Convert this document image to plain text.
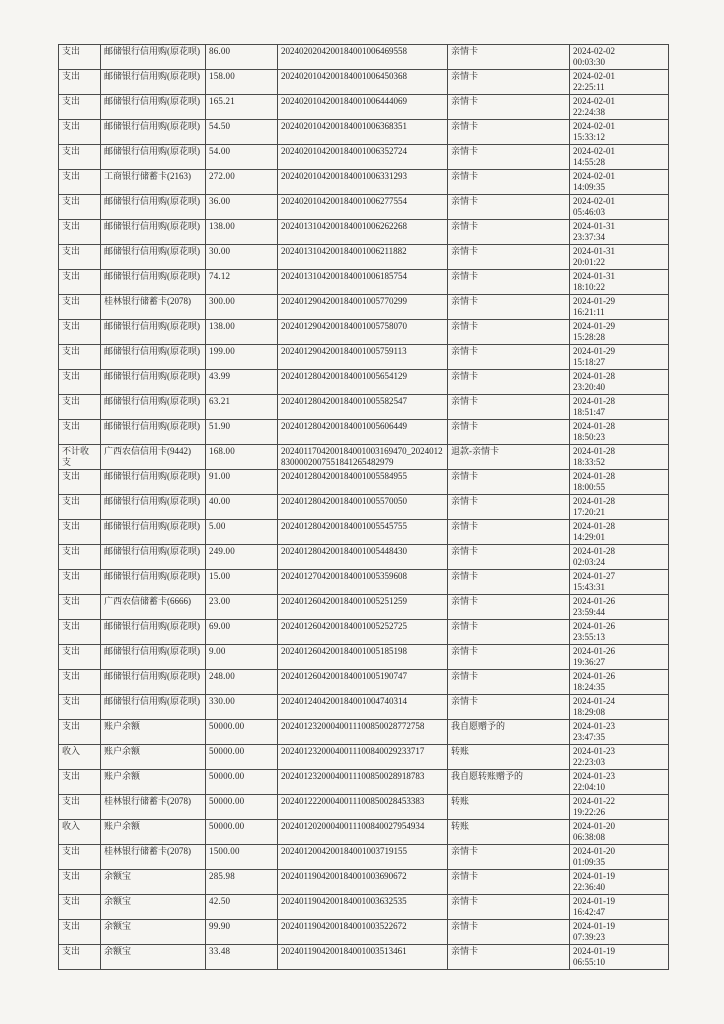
支出	邮储银行信用购(原花呗)	86.00	2024020204200184001006469558	亲情卡	2024-02-02
00:03:30

支出	邮储银行信用购(原花呗)	158.00	2024020104200184001006450368	亲情卡	2024-02-01
22:25:11

支出	邮储银行信用购(原花呗)	165.21	2024020104200184001006444069	亲情卡	2024-02-01
22:24:38

支出	邮储银行信用购(原花呗)	54.50	2024020104200184001006368351	亲情卡	2024-02-01
15:33:12

支出	邮储银行信用购(原花呗)	54.00	2024020104200184001006352724	亲情卡	2024-02-01
14:55:28

支出	工商银行储蓄卡(2163)	272.00	2024020104200184001006331293	亲情卡	2024-02-01
14:09:35

支出	邮储银行信用购(原花呗)	36.00	2024020104200184001006277554	亲情卡	2024-02-01
05:46:03

支出	邮储银行信用购(原花呗)	138.00	2024013104200184001006262268	亲情卡	2024-01-31
23:37:34

支出	邮储银行信用购(原花呗)	30.00	2024013104200184001006211882	亲情卡	2024-01-31
20:01:22

支出	邮储银行信用购(原花呗)	74.12	2024013104200184001006185754	亲情卡	2024-01-31
18:10:22

支出	桂林银行储蓄卡(2078)	300.00	2024012904200184001005770299	亲情卡	2024-01-29
16:21:11

支出	邮储银行信用购(原花呗)	138.00	2024012904200184001005758070	亲情卡	2024-01-29
15:28:28

支出	邮储银行信用购(原花呗)	199.00	2024012904200184001005759113	亲情卡	2024-01-29
15:18:27

支出	邮储银行信用购(原花呗)	43.99	2024012804200184001005654129	亲情卡	2024-01-28
23:20:40

支出	邮储银行信用购(原花呗)	63.21	2024012804200184001005582547	亲情卡	2024-01-28
18:51:47

支出	邮储银行信用购(原花呗)	51.90	2024012804200184001005606449	亲情卡	2024-01-28
18:50:23

不计收支	广西农信信用卡(9442)	168.00	2024011704200184001003169470_20240128300002007551841265482979	退款-亲情卡	2024-01-28
18:33:52

支出	邮储银行信用购(原花呗)	91.00	2024012804200184001005584955	亲情卡	2024-01-28
18:00:55

支出	邮储银行信用购(原花呗)	40.00	2024012804200184001005570050	亲情卡	2024-01-28
17:20:21

支出	邮储银行信用购(原花呗)	5.00	2024012804200184001005545755	亲情卡	2024-01-28
14:29:01

支出	邮储银行信用购(原花呗)	249.00	2024012804200184001005448430	亲情卡	2024-01-28
02:03:24

支出	邮储银行信用购(原花呗)	15.00	2024012704200184001005359608	亲情卡	2024-01-27
15:43:31

支出	广西农信储蓄卡(6666)	23.00	2024012604200184001005251259	亲情卡	2024-01-26
23:59:44

支出	邮储银行信用购(原花呗)	69.00	2024012604200184001005252725	亲情卡	2024-01-26
23:55:13

支出	邮储银行信用购(原花呗)	9.00	2024012604200184001005185198	亲情卡	2024-01-26
19:36:27

支出	邮储银行信用购(原花呗)	248.00	2024012604200184001005190747	亲情卡	2024-01-26
18:24:35

支出	邮储银行信用购(原花呗)	330.00	2024012404200184001004740314	亲情卡	2024-01-24
18:29:08

支出	账户余额	50000.00	20240123200040011100850028772758	我自愿赠予的	2024-01-23
23:47:35

收入	账户余额	50000.00	20240123200040011100840029233717	转账	2024-01-23
22:23:03

支出	账户余额	50000.00	20240123200040011100850028918783	我自愿转账赠予的	2024-01-23
22:04:10

支出	桂林银行储蓄卡(2078)	50000.00	20240122200040011100850028453383	转账	2024-01-22
19:22:26

收入	账户余额	50000.00	20240120200040011100840027954934	转账	2024-01-20
06:38:08

支出	桂林银行储蓄卡(2078)	1500.00	2024012004200184001003719155	亲情卡	2024-01-20
01:09:35

支出	余额宝	285.98	2024011904200184001003690672	亲情卡	2024-01-19
22:36:40

支出	余额宝	42.50	2024011904200184001003632535	亲情卡	2024-01-19
16:42:47

支出	余额宝	99.90	2024011904200184001003522672	亲情卡	2024-01-19
07:39:23

支出	余额宝	33.48	2024011904200184001003513461	亲情卡	2024-01-19
06:55:10
